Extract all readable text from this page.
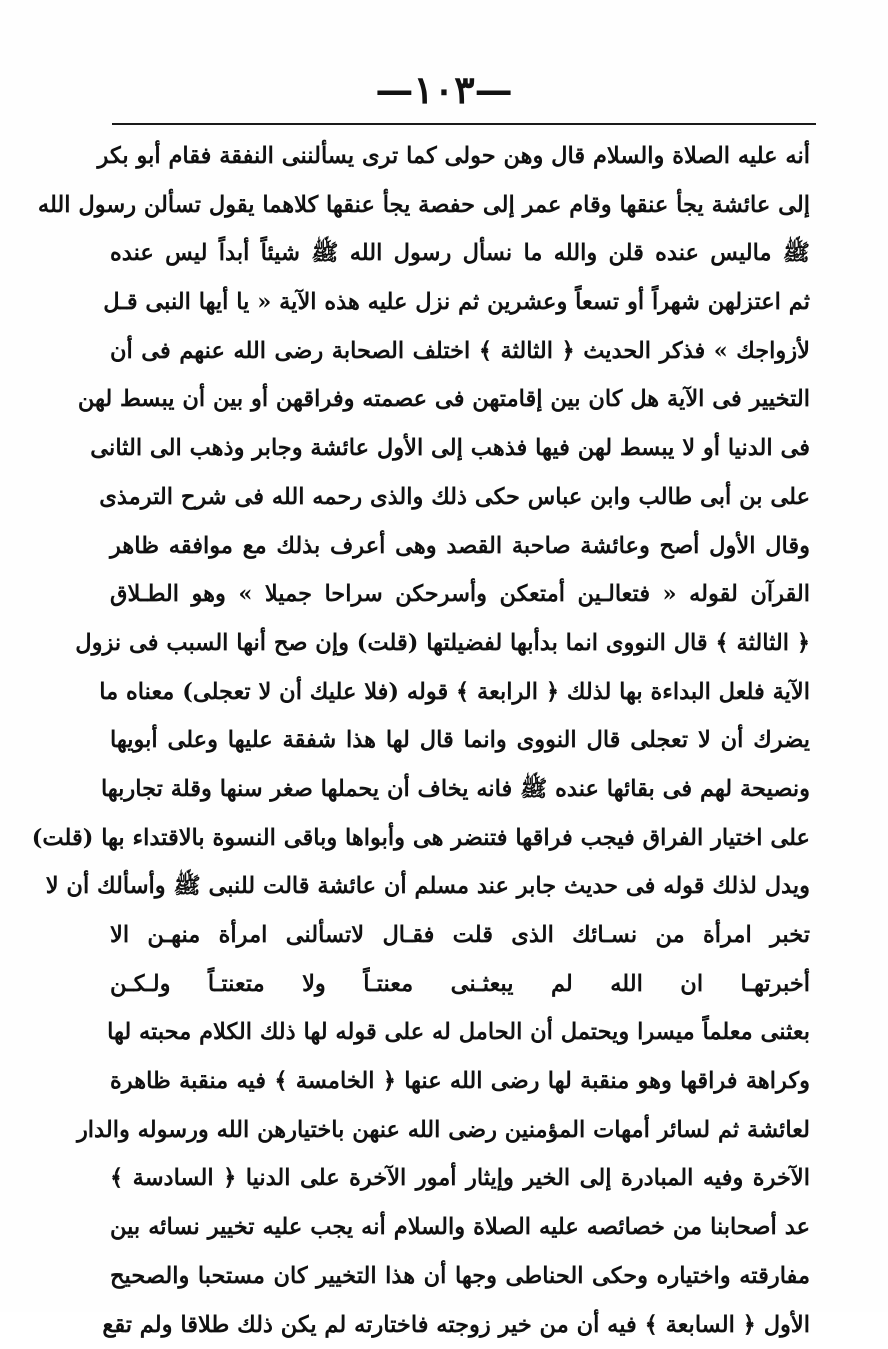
—١٠٣—
أنه عليه الصلاة والسلام قال وهن حولى كما ترى يسألننى النفقة فقام أبو بكر
إلى عائشة يجأ عنقها وقام عمر إلى حفصة يجأ عنقها كلاهما يقول تسألن رسول الله
ﷺ ماليس عنده قلن والله ما نسأل رسول الله ﷺ شيئاً أبداً ليس عنده
ثم اعتزلهن شهراً أو تسعاً وعشرين ثم نزل عليه هذه الآية « يا أيها النبى قـل
لأزواجك » فذكر الحديث ﴿ الثالثة ﴾ اختلف الصحابة رضى الله عنهم فى أن
التخيير فى الآية هل كان بين إقامتهن فى عصمته وفراقهن أو بين أن يبسط لهن
فى الدنيا أو لا يبسط لهن فيها فذهب إلى الأول عائشة وجابر وذهب الى الثانى
على بن أبى طالب وابن عباس حكى ذلك والذى رحمه الله فى شرح الترمذى
وقال الأول أصح وعائشة صاحبة القصد وهى أعرف بذلك مع موافقه ظاهر
القرآن لقوله « فتعالـين أمتعكن وأسرحكن سراحا جميلا » وهو الطـلاق
﴿ الثالثة ﴾ قال النووى انما بدأبها لفضيلتها (قلت) وإن صح أنها السبب فى نزول
الآية فلعل البداءة بها لذلك ﴿ الرابعة ﴾ قوله (فلا عليك أن لا تعجلى) معناه ما
يضرك أن لا تعجلى قال النووى وانما قال لها هذا شفقة عليها وعلى أبويها
ونصيحة لهم فى بقائها عنده ﷺ فانه يخاف أن يحملها صغر سنها وقلة تجاربها
على اختيار الفراق فيجب فراقها فتنضر هى وأبواها وباقى النسوة بالاقتداء بها (قلت)
ويدل لذلك قوله فى حديث جابر عند مسلم أن عائشة قالت للنبى ﷺ وأسألك أن لا
تخبر امرأة من نسـائك الذى قلت فقـال لاتسألنى امرأة منهـن الا
أخبرتهـا ان الله لم يبعثـنى معنتـاً ولا متعنتـاً ولـكـن
بعثنى معلماً ميسرا ويحتمل أن الحامل له على قوله لها ذلك الكلام محبته لها
وكراهة فراقها وهو منقبة لها رضى الله عنها ﴿ الخامسة ﴾ فيه منقبة ظاهرة
لعائشة ثم لسائر أمهات المؤمنين رضى الله عنهن باختيارهن الله ورسوله والدار
الآخرة وفيه المبادرة إلى الخير وإيثار أمور الآخرة على الدنيا ﴿ السادسة ﴾
عد أصحابنا من خصائصه عليه الصلاة والسلام أنه يجب عليه تخيير نسائه بين
مفارقته واختياره وحكى الحناطى وجها أن هذا التخيير كان مستحبا والصحيح
الأول ﴿ السابعة ﴾ فيه أن من خير زوجته فاختارته لم يكن ذلك طلاقا ولم تقع
